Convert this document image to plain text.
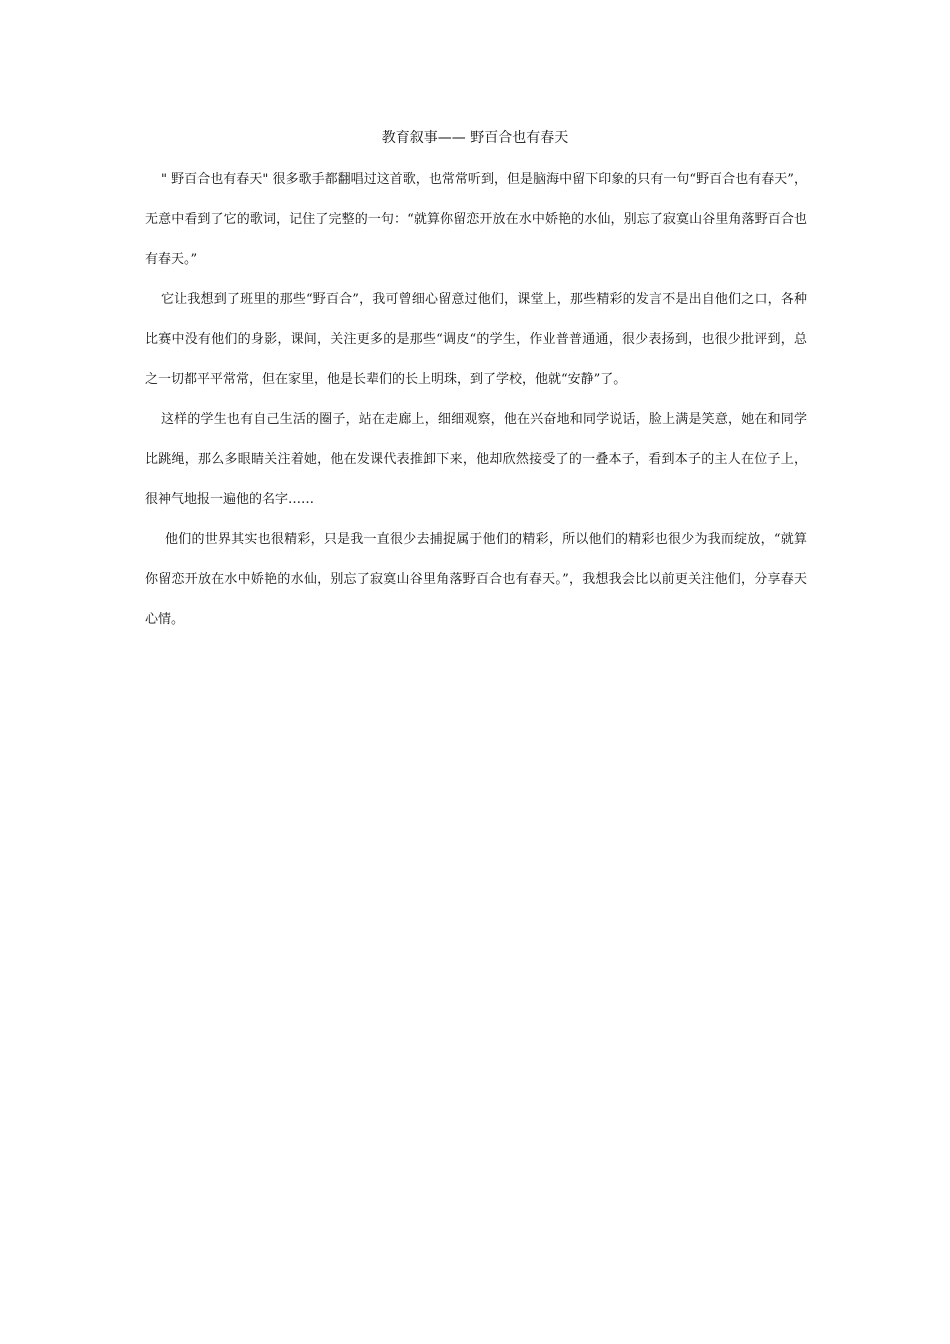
教育叙事—— 野百合也有春天

" 野百合也有春天" 很多歌手都翻唱过这首歌，也常常听到，但是脑海中留下印象的只有一句“野百合也有春天”，无意中看到了它的歌词，记住了完整的一句：“就算你留恋开放在水中娇艳的水仙，别忘了寂寞山谷里角落野百合也有春天。”

它让我想到了班里的那些“野百合”，我可曾细心留意过他们，课堂上，那些精彩的发言不是出自他们之口，各种比赛中没有他们的身影，课间，关注更多的是那些“调皮“的学生，作业普普通通，很少表扬到，也很少批评到，总之一切都平平常常，但在家里，他是长辈们的长上明珠，到了学校，他就“安静”了。

这样的学生也有自己生活的圈子，站在走廊上，细细观察，他在兴奋地和同学说话，脸上满是笑意，她在和同学比跳绳，那么多眼睛关注着她，他在发课代表推卸下来，他却欣然接受了的一叠本子，看到本子的主人在位子上，很神气地报一遍他的名字……

他们的世界其实也很精彩，只是我一直很少去捕捉属于他们的精彩，所以他们的精彩也很少为我而绽放，“就算你留恋开放在水中娇艳的水仙，别忘了寂寞山谷里角落野百合也有春天。”，我想我会比以前更关注他们，分享春天心情。
